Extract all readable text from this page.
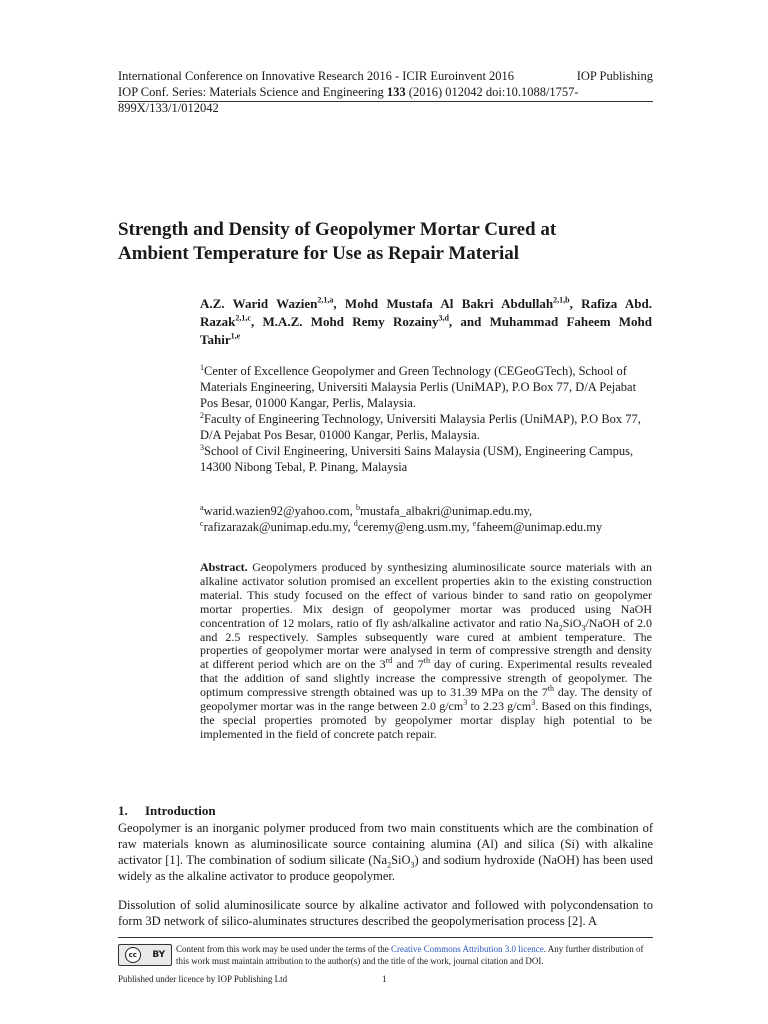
International Conference on Innovative Research 2016 - ICIR Euroinvent 2016	IOP Publishing
IOP Conf. Series: Materials Science and Engineering 133 (2016) 012042 doi:10.1088/1757-899X/133/1/012042
Strength and Density of Geopolymer Mortar Cured at
Ambient Temperature for Use as Repair Material
A.Z. Warid Wazien$^{2,1,a}$, Mohd Mustafa Al Bakri Abdullah$^{2,1,b}$, Rafiza Abd. Razak$^{2,1,c}$, M.A.Z. Mohd Remy Rozainy$^{3,d}$, and Muhammad Faheem Mohd Tahir$^{1,e}$
$^1$Center of Excellence Geopolymer and Green Technology (CEGeoGTech), School of Materials Engineering, Universiti Malaysia Perlis (UniMAP), P.O Box 77, D/A Pejabat Pos Besar, 01000 Kangar, Perlis, Malaysia.
$^2$Faculty of Engineering Technology, Universiti Malaysia Perlis (UniMAP), P.O Box 77, D/A Pejabat Pos Besar, 01000 Kangar, Perlis, Malaysia.
$^3$School of Civil Engineering, Universiti Sains Malaysia (USM), Engineering Campus, 14300 Nibong Tebal, P. Pinang, Malaysia
$^a$warid.wazien92@yahoo.com, $^b$mustafa_albakri@unimap.edu.my,
$^c$rafizarazak@unimap.edu.my, $^d$ceremy@eng.usm.my, $^e$faheem@unimap.edu.my
Abstract. Geopolymers produced by synthesizing aluminosilicate source materials with an alkaline activator solution promised an excellent properties akin to the existing construction material. This study focused on the effect of various binder to sand ratio on geopolymer mortar properties. Mix design of geopolymer mortar was produced using NaOH concentration of 12 molars, ratio of fly ash/alkaline activator and ratio $Na_2SiO_3$/NaOH of 2.0 and 2.5 respectively. Samples subsequently ware cured at ambient temperature. The properties of geopolymer mortar were analysed in term of compressive strength and density at different period which are on the 3rd and 7th day of curing. Experimental results revealed that the addition of sand slightly increase the compressive strength of geopolymer. The optimum compressive strength obtained was up to 31.39 MPa on the 7th day. The density of geopolymer mortar was in the range between 2.0 $g/cm^3$ to 2.23 $g/cm^3$. Based on this findings, the special properties promoted by geopolymer mortar display high potential to be implemented in the field of concrete patch repair.
1. Introduction
Geopolymer is an inorganic polymer produced from two main constituents which are the combination of raw materials known as aluminosilicate source containing alumina (Al) and silica (Si) with alkaline activator [1]. The combination of sodium silicate $(Na_2SiO_3)$ and sodium hydroxide (NaOH) has been used widely as the alkaline activator to produce geopolymer.
Dissolution of solid aluminosilicate source by alkaline activator and followed with polycondensation to form 3D network of silico-aluminates structures described the geopolymerisation process [2]. A
cc	BY
Content from this work may be used under the terms of the Creative Commons Attribution 3.0 licence. Any further distribution of this work must maintain attribution to the author(s) and the title of the work, journal citation and DOI.
Published under licence by IOP Publishing Ltd	1
